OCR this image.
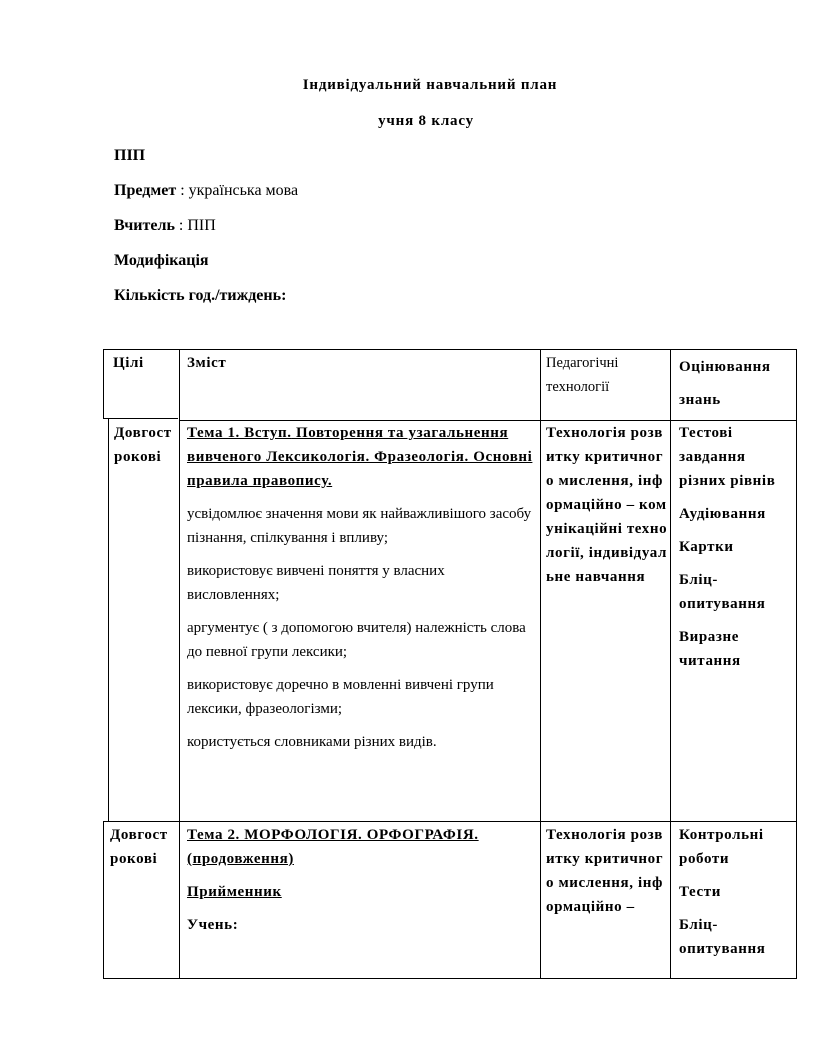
Індивідуальний навчальний план
учня 8 класу
ПІП
Предмет : українська мова
Вчитель : ПІП
Модифікація
Кількість год./тиждень:
Цілі	Зміст	Педагогічні технології
Оцінювання знань
Довгострокові
Тема 1. Вступ. Повторення та узагальнення вивченого Лексикологія. Фразеологія. Основні правила правопису.
усвідомлює значення мови як найважливішого засобу пізнання, спілкування і впливу;
використовує вивчені поняття у власних висловленнях;
аргументує ( з допомогою вчителя) належність слова до певної групи лексики;
використовує доречно в мовленні вивчені групи лексики, фразеологізми;
користується словниками різних видів.
Технологія розвитку критичного мислення, інформаційно – комунікаційні технології, індивідуальне навчання
Тестові завдання різних рівнів
Аудіювання
Картки
Бліц-опитування
Виразне читання
Довгострокові
Тема 2. МОРФОЛОГІЯ. ОРФОГРАФІЯ. (продовження)
Прийменник
Учень:
Технологія розвитку критичного мислення, інформаційно –
Контрольні роботи
Тести
Бліц-опитування
